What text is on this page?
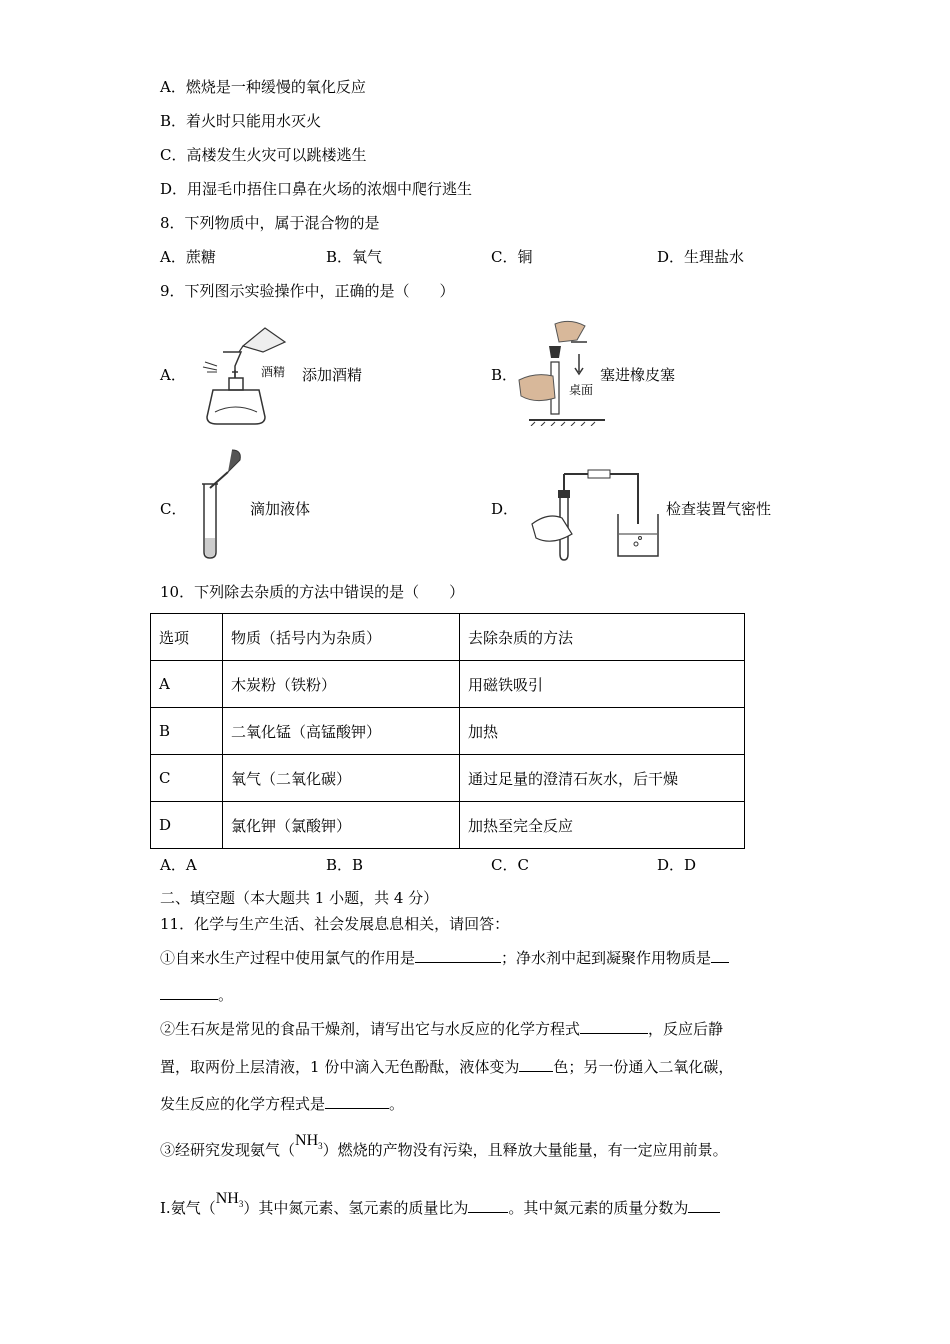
A．燃烧是一种缓慢的氧化反应
B．着火时只能用水灭火
C．高楼发生火灾可以跳楼逃生
D．用湿毛巾捂住口鼻在火场的浓烟中爬行逃生
8．下列物质中，属于混合物的是
A．蔗糖	B．氧气	C．铜	D．生理盐水
9．下列图示实验操作中，正确的是（　　）
A．	酒精 添加酒精	B．
桌面
塞进橡皮塞
C．	滴加液体	D．	检查装置气密性
10．下列除去杂质的方法中错误的是（　　）
选项	物质（括号内为杂质）	去除杂质的方法
A	木炭粉（铁粉）	用磁铁吸引
B	二氧化锰（高锰酸钾）	加热
C	氧气（二氧化碳）	通过足量的澄清石灰水，后干燥
D	氯化钾（氯酸钾）	加热至完全反应
A．A	B．B	C．C	D．D
二、填空题（本大题共 1 小题，共 4 分）
11．化学与生产生活、社会发展息息相关，请回答：
①自来水生产过程中使用氯气的作用是	；净水剂中起到凝聚作用物质是
。
②生石灰是常见的食品干燥剂，请写出它与水反应的化学方程式	，反应后静
置，取两份上层清液，1 份中滴入无色酚酞，液体变为 色；另一份通入二氧化碳，
发生反应的化学方程式是	。
③经研究发现氨气$(NH_3)$燃烧的产物没有污染，且释放大量能量，有一定应用前景。
Ⅰ.氨气$(NH_3)$其中氮元素、氢元素的质量比为	。其中氮元素的质量分数为
